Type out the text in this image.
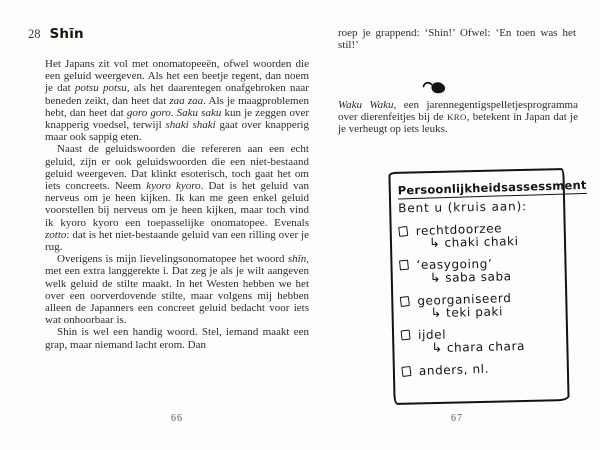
28 Shīn

Het Japans zit vol met onomatopeeën, ofwel woorden die een geluid weergeven. Als het een beetje regent, dan noem je dat potsu potsu, als het daarentegen onafgebroken naar beneden zeikt, dan heet dat zaa zaa. Als je maagproblemen hebt, dan heet dat goro goro. Saku saku kun je zeggen over knapperig voedsel, terwijl shaki shaki gaat over knapperig maar ook sappig eten.

Naast de geluidswoorden die refereren aan een echt geluid, zijn er ook geluidswoorden die een niet-bestaand geluid weergeven. Dat klinkt esoterisch, toch gaat het om iets concreets. Neem kyoro kyoro. Dat is het geluid van nerveus om je heen kijken. Ik kan me geen enkel geluid voorstellen bij nerveus om je heen kijken, maar toch vind ik kyoro kyoro een toepasselijke onomatopee. Evenals zotto: dat is het niet-bestaande geluid van een rilling over je rug.

Overigens is mijn lievelingsonomatopee het woord shīn, met een extra langgerekte i. Dat zeg je als je wilt aangeven welk geluid de stilte maakt. In het Westen hebben we het over een oorverdovende stilte, maar volgens mij hebben alleen de Japanners een concreet geluid bedacht voor iets wat onhoorbaar is.

Shin is wel een handig woord. Stel, iemand maakt een grap, maar niemand lacht erom. Dan

66

roep je grappend: ‘Shin!’ Ofwel: ‘En toen was het stil!’

Waku Waku, een jarennegentigspelletjesprogramma over dierenfeitjes bij de KRO, betekent in Japan dat je je verheugt op iets leuks.

Persoonlijkheidsassessment
Bent u (kruis aan):
rechtdoorzee
↳ chaki chaki
‘easygoing’
↳ saba saba
georganiseerd
↳ teki paki
ijdel
↳ chara chara
anders, nl.
67
